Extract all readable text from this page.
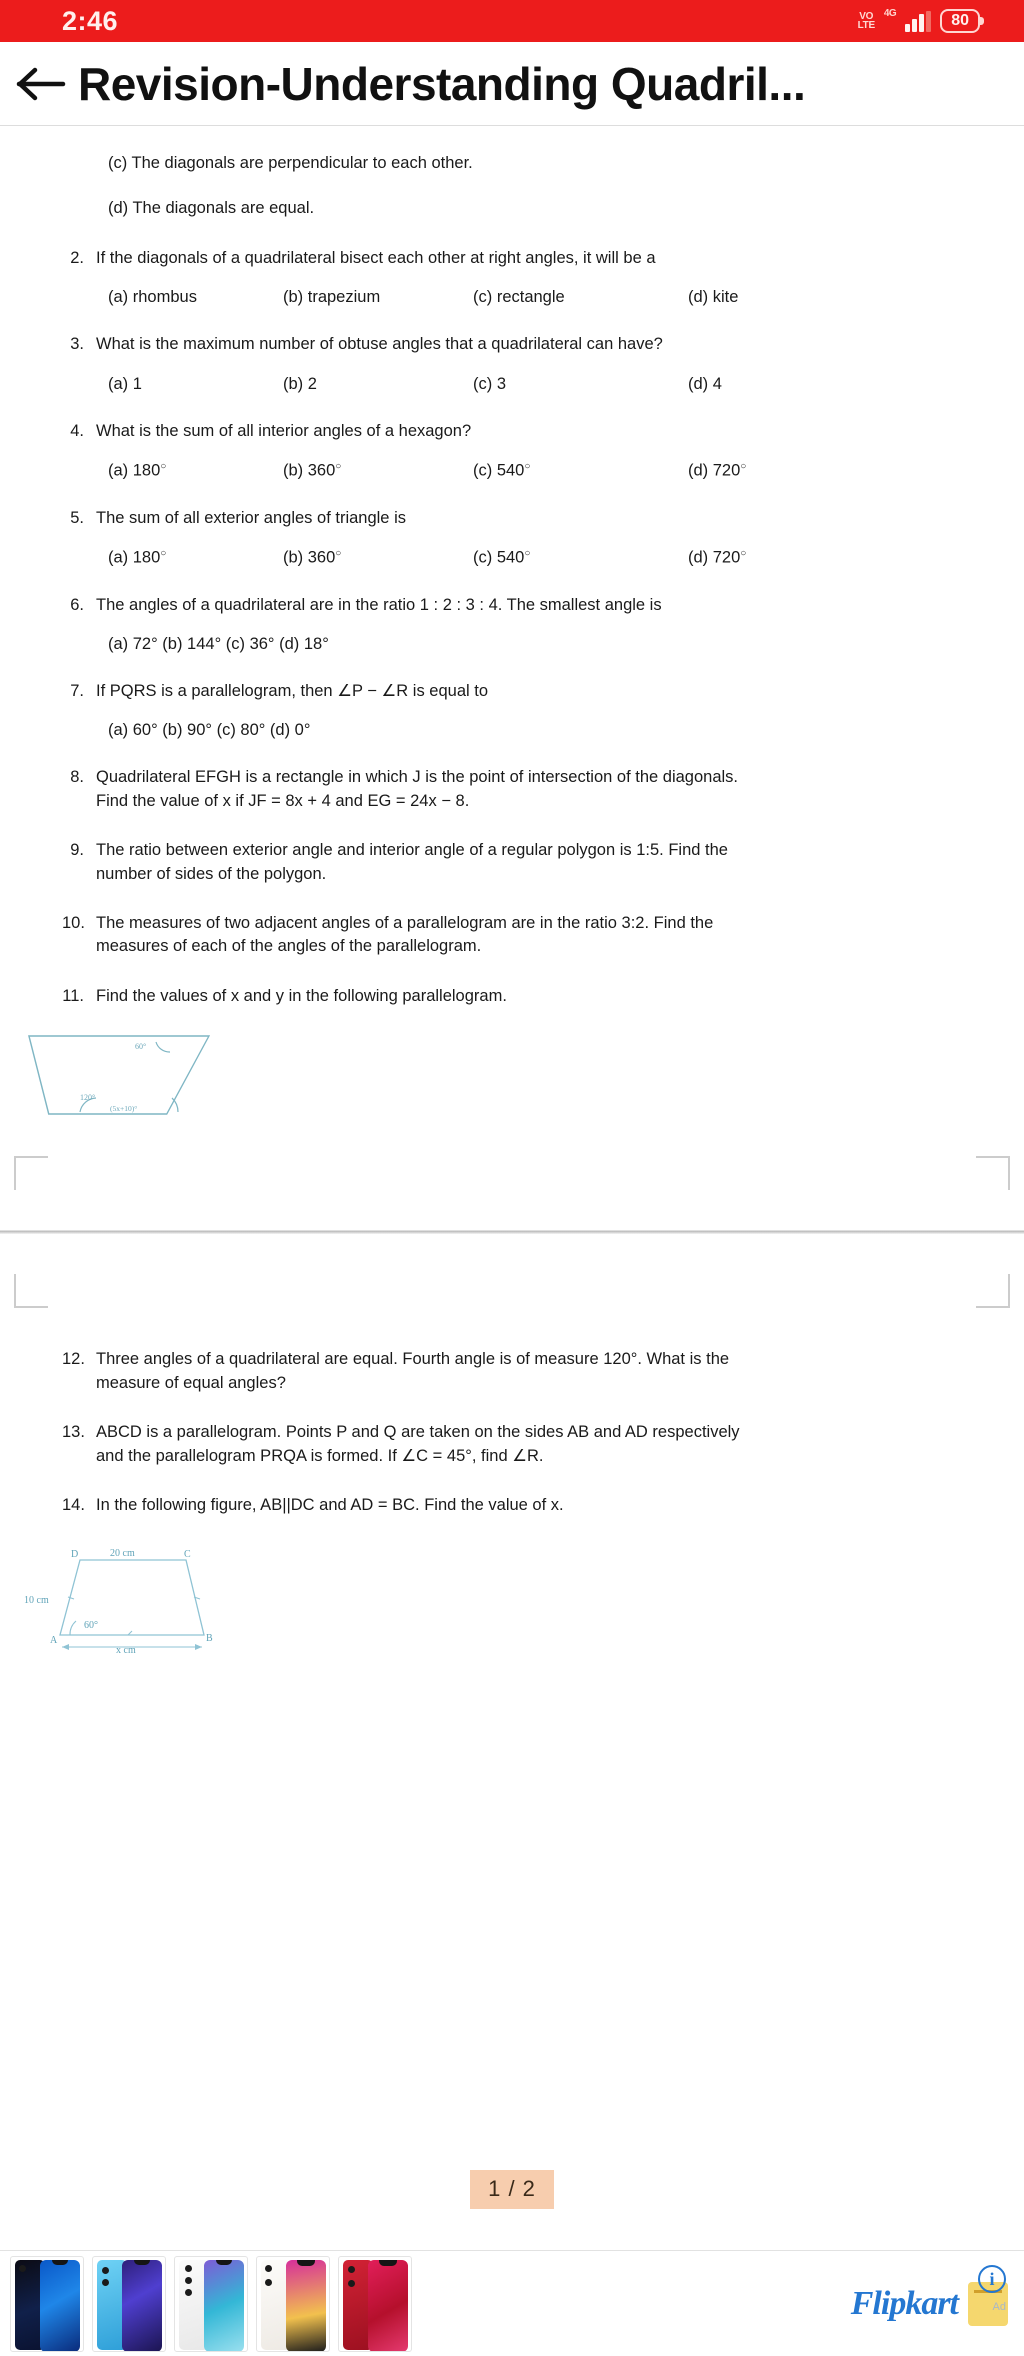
2:46	VO
LTE
4G	80
Revision-Understanding Quadril...
(c) The diagonals are perpendicular to each other.
(d) The diagonals are equal.
2. If the diagonals of a quadrilateral bisect each other at right angles, it will be a
(a) rhombus	(b) trapezium	(c) rectangle	(d) kite
3. What is the maximum number of obtuse angles that a quadrilateral can have?
(a) 1	(b) 2	(c) 3	(d) 4
4. What is the sum of all interior angles of a hexagon?
(a) 180○	(b) 360○	(c) 540○	(d) 720○
5. The sum of all exterior angles of triangle is
(a) 180○	(b) 360○	(c) 540○	(d) 720○
6. The angles of a quadrilateral are in the ratio 1 : 2 : 3 : 4. The smallest angle is
(a) 72° (b) 144° (c) 36° (d) 18°
7. If PQRS is a parallelogram, then ∠P − ∠R is equal to
(a) 60° (b) 90° (c) 80° (d) 0°
8. Quadrilateral EFGH is a rectangle in which J is the point of intersection of the diagonals.
Find the value of x if JF = 8x + 4 and EG = 24x − 8.
9. The ratio between exterior angle and interior angle of a regular polygon is 1:5. Find the
number of sides of the polygon.
10. The measures of two adjacent angles of a parallelogram are in the ratio 3:2. Find the
measures of each of the angles of the parallelogram.
11. Find the values of x and y in the following parallelogram.
60°
120°
(5x+10)°
12. Three angles of a quadrilateral are equal. Fourth angle is of measure 120°. What is the
measure of equal angles?
13. ABCD is a parallelogram. Points P and Q are taken on the sides AB and AD respectively
and the parallelogram PRQA is formed. If ∠C = 45°, find ∠R.
14. In the following figure, AB||DC and AD = BC. Find the value of x.
D	C
A	B
20 cm
10 cm
60°
x cm
1 / 2
Flipkart
i
Ad
